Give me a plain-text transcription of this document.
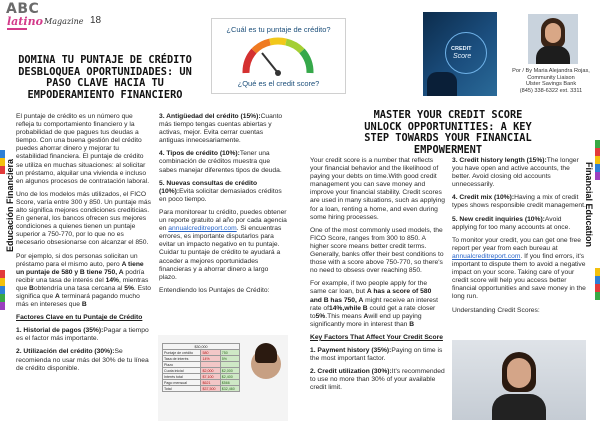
ABC
latino Magazine 18
Educación Financiera	Financial Education
DOMINA TU PUNTAJE DE CRÉDITO DESBLOQUEA OPORTUNIDADES: UN PASO CLAVE HACIA TU EMPODERAMIENTO FINANCIERO
¿Cuál es tu puntaje de crédito?
¿Qué es el credit score?
CREDIT
Score
Por / By Maria Alejandra Rojas,
Community Liaison
Ulster Savings Bank
(845) 338-6322 ext. 3311
MASTER YOUR CREDIT SCORE UNLOCK OPPORTUNITIES: A KEY STEP TOWARDS YOUR FINANCIAL EMPOWERMENT

El puntaje de crédito es un número que refleja tu comportamiento financiero y la probabilidad de que pagues tus deudas a tiempo. Con una buena gestión del crédito puedes ahorrar dinero y mejorar tu estabilidad financiera. El puntaje de crédito se utiliza en muchas situaciones: al solicitar un préstamo, alquilar una vivienda e incluso en algunos procesos de contratación laboral.

Uno de los modelos más utilizados, el FICO Score, varía entre 300 y 850. Un puntaje más alto significa mejores condiciones crediticias. En general, los bancos ofrecen sus mejores condiciones a quienes tienen un puntaje superior a 750-770, por lo que no es necesario obsesionarse con alcanzar el 850.

Por ejemplo, si dos personas solicitan un préstamo para el mismo auto, pero A tiene un puntaje de 580 y B tiene 750, A podría recibir una tasa de interés del 14%, mientras que Bobtendría una tasa cercana al 5%. Esto significa que A terminará pagando mucho más en intereses que B

Factores Clave en tu Puntaje de Crédito

1. Historial de pagos (35%):Pagar a tiempo es el factor más importante.

2. Utilización del crédito (30%):Se recomienda no usar más del 30% de tu línea de crédito disponible.

3. Antigüedad del crédito (15%):Cuanto más tiempo tengas cuentas abiertas y activas, mejor. Evita cerrar cuentas antiguas innecesariamente.

4. Tipos de crédito (10%):Tener una combinación de créditos muestra que sabes manejar diferentes tipos de deuda.

5. Nuevas consultas de crédito (10%):Evita solicitar demasiados créditos en poco tiempo.

Para monitorear tu crédito, puedes obtener un reporte gratuito al año por cada agencia en annualcreditreport.com. Si encuentras errores, es importante disputarlos para evitar un impacto negativo en tu puntaje. Cuidar tu puntaje de crédito te ayudará a acceder a mejores oportunidades financieras y a ahorrar dinero a largo plazo.

Entendiendo los Puntajes de Crédito:

$30,000		
Puntaje de crédito	580	750
Tasa de interés	14%	5%
Plazo		
Cuota inicial	$2,000	$2,000
Interés total	$7,100	$2,400
Pago mensual	$621	$566
Total	$37,500	$32,460

Your credit score is a number that reflects your financial behavior and the likelihood of paying your debts on time.With good credit management you can save money and improve your financial stability. Credit scores are used in many situations, such as applying for a loan, renting a home, and even during some hiring processes.

One of the most commonly used models, the FICO Score, ranges from 300 to 850. A higher score means better credit terms. Generally, banks offer their best conditions to those with a score above 750-770, so there's no need to obsess over reaching 850.

For example, if two people apply for the same car loan, but A has a score of 580 and B has 750, A might receive an interest rate of14%,while B could get a rate closer to5%.This means Awill end up paying significantly more in interest than B

Key Factors That Affect Your Credit Score

1. Payment history (35%):Paying on time is the most important factor.

2. Credit utilization (30%):It's recommended to use no more than 30% of your available credit limit.

3. Credit history length (15%):The longer you have open and active accounts, the better. Avoid closing old accounts unnecessarily.

4. Credit mix (10%):Having a mix of credit types shows responsible credit management.

5. New credit inquiries (10%):Avoid applying for too many accounts at once.

To monitor your credit, you can get one free report per year from each bureau at annualcreditreport.com. If you find errors, it's important to dispute them to avoid a negative impact on your score. Taking care of your credit score will help you access better financial opportunities and save money in the long run.

Understanding Credit Scores:
